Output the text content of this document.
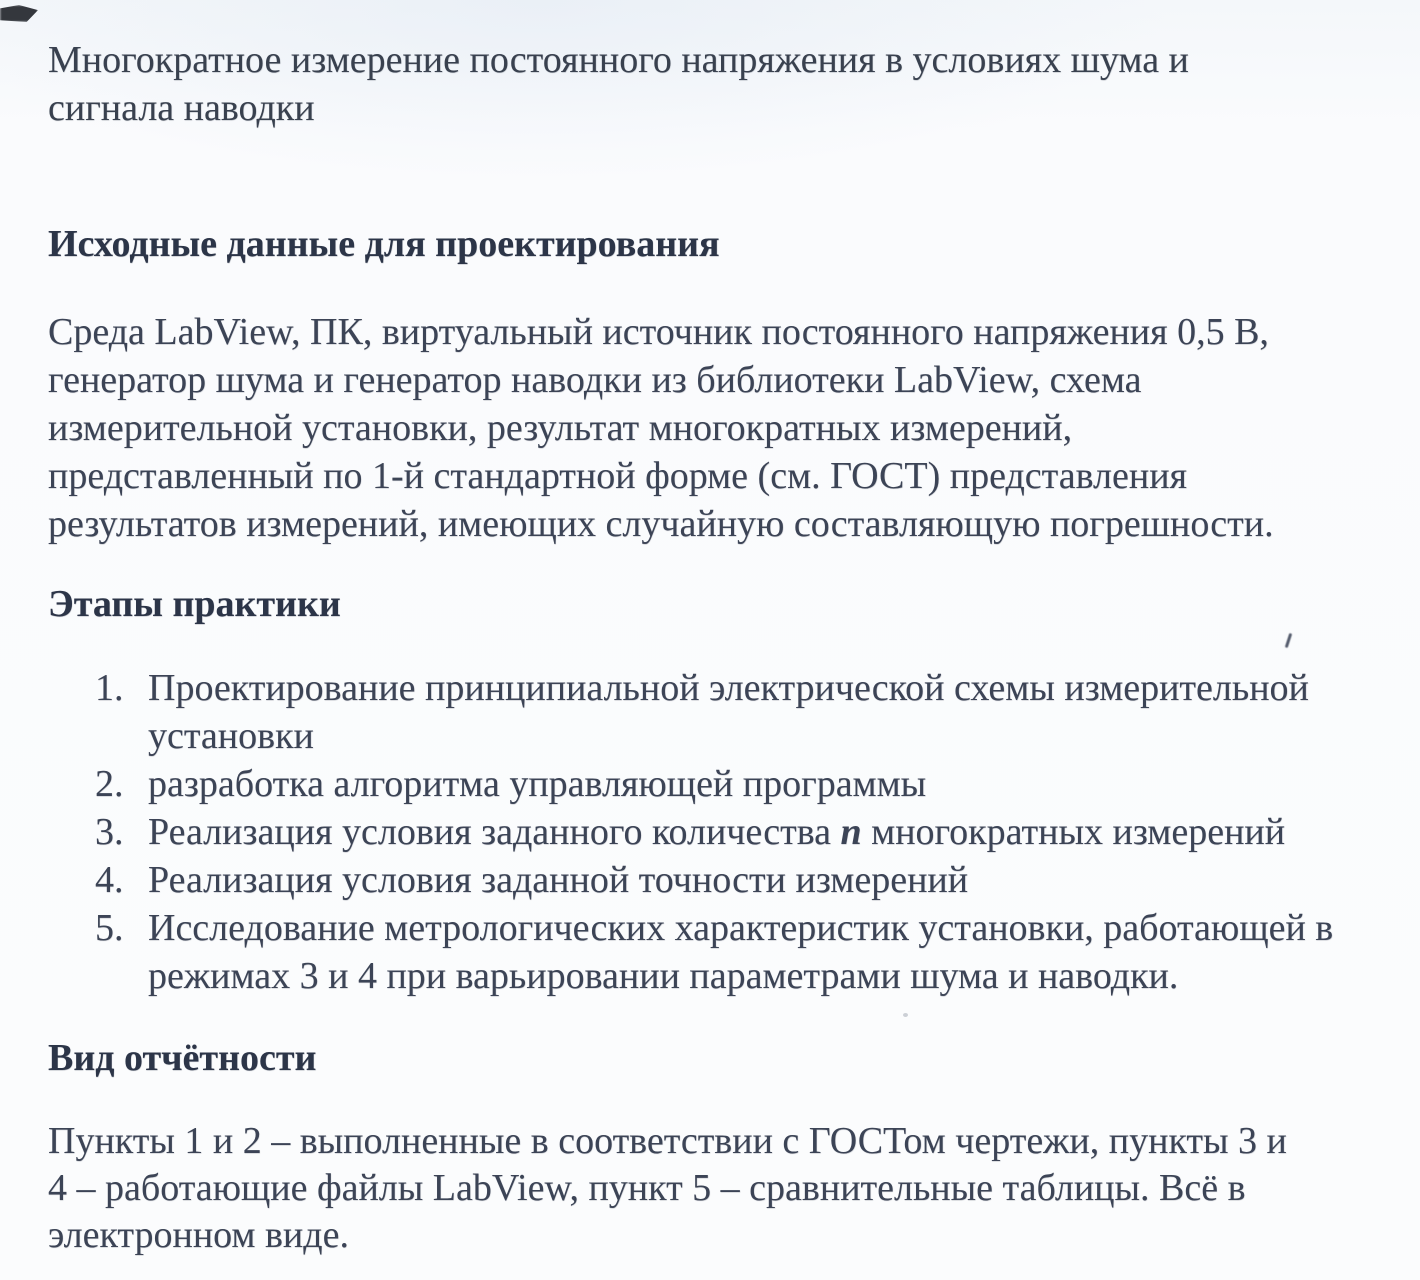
Многократное измерение постоянного напряжения в условиях шума и
сигнала наводки
Исходные данные для проектирования
Среда LabView, ПК, виртуальный источник постоянного напряжения 0,5 В,
генератор шума и генератор наводки из библиотеки LabView, схема
измерительной установки, результат многократных измерений,
представленный по 1-й стандартной форме (см. ГОСТ) представления
результатов измерений, имеющих случайную составляющую погрешности.
Этапы практики
1. Проектирование принципиальной электрической схемы измерительной установки
2. разработка алгоритма управляющей программы
3. Реализация условия заданного количества n многократных измерений
4. Реализация условия заданной точности измерений
5. Исследование метрологических характеристик установки, работающей в режимах 3 и 4 при варьировании параметрами шума и наводки.
Вид отчётности
Пункты 1 и 2 – выполненные в соответствии с ГОСТом чертежи, пункты 3 и
4 – работающие файлы LabView, пункт 5 – сравнительные таблицы. Всё в
электронном виде.
